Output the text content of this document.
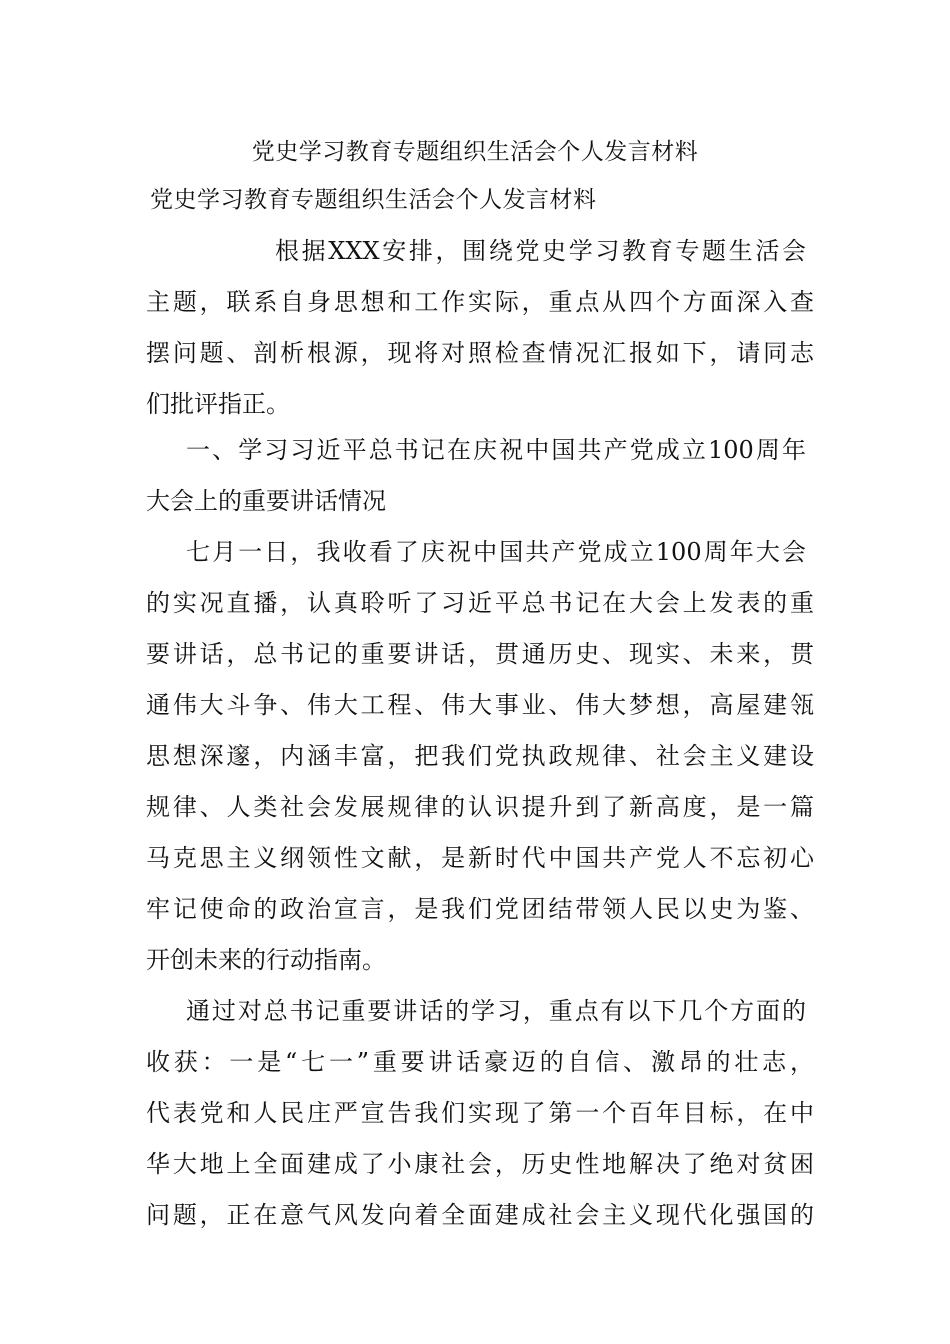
党史学习教育专题组织生活会个人发言材料
党史学习教育专题组织生活会个人发言材料
根据XXX安排，围绕党史学习教育专题生活会
主题，联系自身思想和工作实际，重点从四个方面深入查
摆问题、剖析根源，现将对照检查情况汇报如下，请同志
们批评指正。
一、学习习近平总书记在庆祝中国共产党成立100周年
大会上的重要讲话情况
七月一日，我收看了庆祝中国共产党成立100周年大会
的实况直播，认真聆听了习近平总书记在大会上发表的重
要讲话，总书记的重要讲话，贯通历史、现实、未来，贯
通伟大斗争、伟大工程、伟大事业、伟大梦想，高屋建瓴
思想深邃，内涵丰富，把我们党执政规律、社会主义建设
规律、人类社会发展规律的认识提升到了新高度，是一篇
马克思主义纲领性文献，是新时代中国共产党人不忘初心
牢记使命的政治宣言，是我们党团结带领人民以史为鉴、
开创未来的行动指南。
通过对总书记重要讲话的学习，重点有以下几个方面的
收获：一是“七一”重要讲话豪迈的自信、激昂的壮志，
代表党和人民庄严宣告我们实现了第一个百年目标，在中
华大地上全面建成了小康社会，历史性地解决了绝对贫困
问题，正在意气风发向着全面建成社会主义现代化强国的
